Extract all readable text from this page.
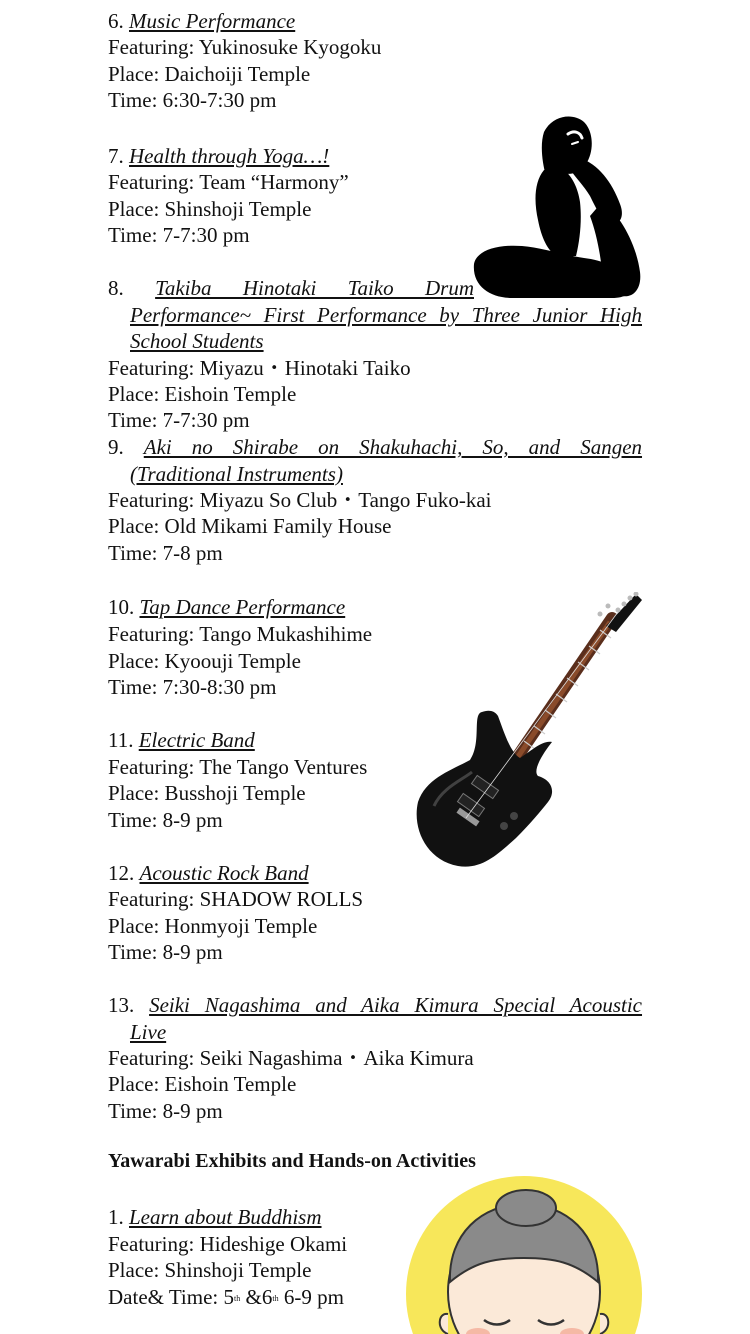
6. Music Performance
Featuring: Yukinosuke Kyogoku
Place: Daichoiji Temple
Time: 6:30-7:30 pm
7. Health through Yoga…!
Featuring: Team “Harmony”
Place: Shinshoji Temple
Time: 7-7:30 pm
8. Takiba Hinotaki Taiko Drum
Performance~ First Performance by Three Junior High
School Students
Featuring: Miyazu・Hinotaki Taiko
Place: Eishoin Temple
Time: 7-7:30 pm
9. Aki no Shirabe on Shakuhachi, So, and Sangen
(Traditional Instruments)
Featuring: Miyazu So Club・Tango Fuko-kai
Place: Old Mikami Family House
Time: 7-8 pm
10. Tap Dance Performance
Featuring: Tango Mukashihime
Place: Kyoouji Temple
Time: 7:30-8:30 pm
11. Electric Band
Featuring: The Tango Ventures
Place: Busshoji Temple
Time: 8-9 pm
12. Acoustic Rock Band
Featuring: SHADOW ROLLS
Place: Honmyoji Temple
Time: 8-9 pm
13. Seiki Nagashima and Aika Kimura Special Acoustic
Live
Featuring: Seiki Nagashima・Aika Kimura
Place: Eishoin Temple
Time: 8-9 pm
Yawarabi Exhibits and Hands-on Activities
1. Learn about Buddhism
Featuring: Hideshige Okami
Place: Shinshoji Temple
Date& Time: 5th &6th 6-9 pm
